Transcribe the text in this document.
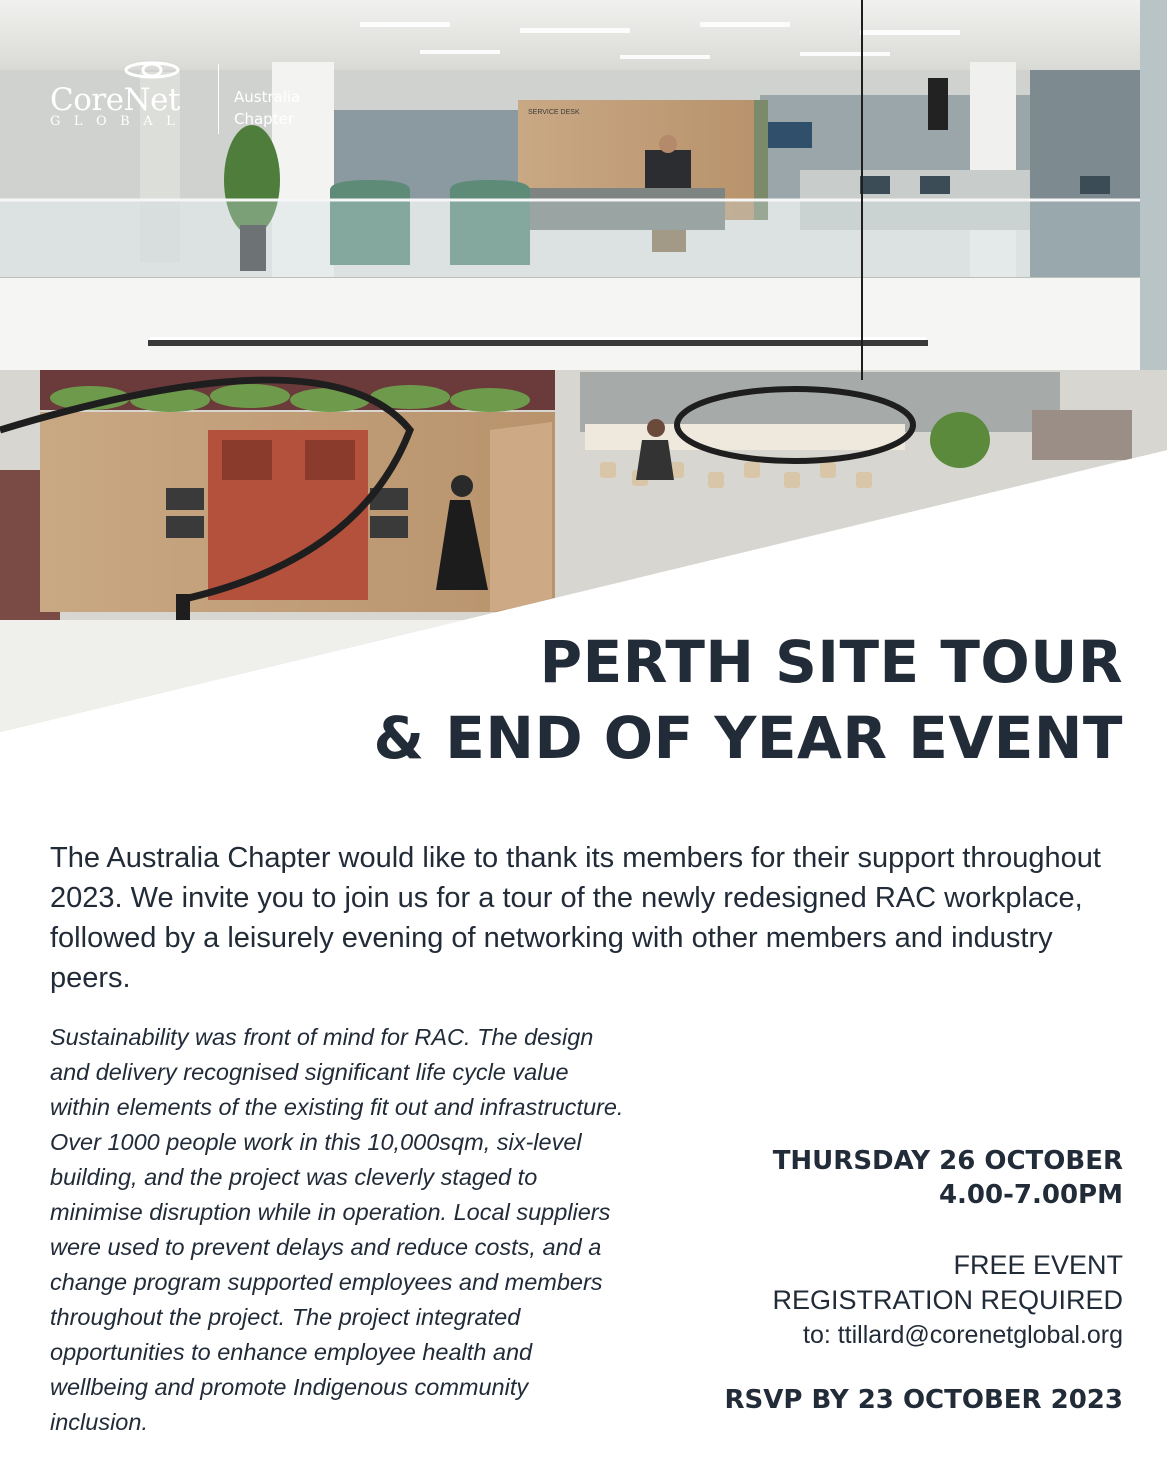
SERVICE DESK
CoreNet
GLOBAL
Australia
Chapter
PERTH SITE TOUR
& END OF YEAR EVENT

The Australia Chapter would like to thank its members for their support throughout 2023. We invite you to join us for a tour of the newly redesigned RAC workplace, followed by a leisurely evening of networking with other members and industry peers.

Sustainability was front of mind for RAC. The design and delivery recognised significant life cycle value within elements of the existing fit out and infrastructure. Over 1000 people work in this 10,000sqm, six-level building, and the project was cleverly staged to minimise disruption while in operation. Local suppliers were used to prevent delays and reduce costs, and a change program supported employees and members throughout the project. The project integrated opportunities to enhance employee health and wellbeing and promote Indigenous community inclusion.

THURSDAY 26 OCTOBER
4.00-7.00PM
FREE EVENT
REGISTRATION REQUIRED
to: ttillard@corenetglobal.org
RSVP BY 23 OCTOBER 2023
